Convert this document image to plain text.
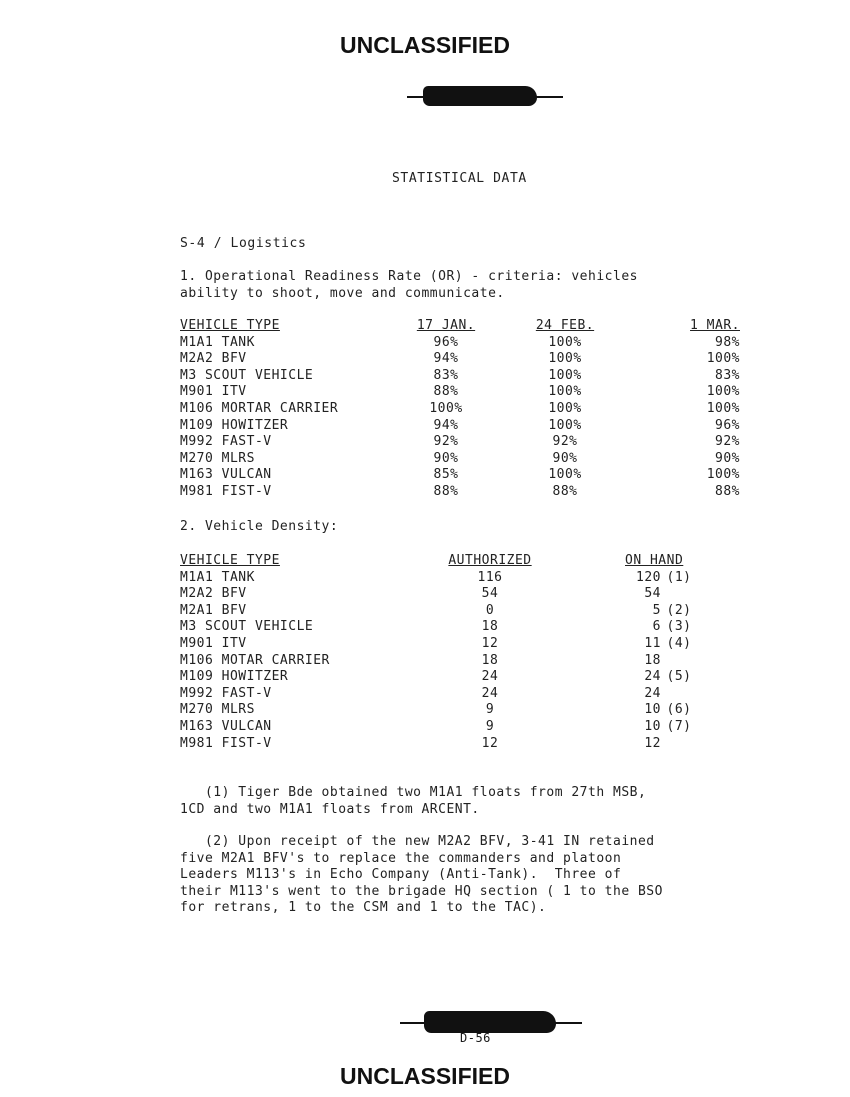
UNCLASSIFIED
STATISTICAL DATA
S-4 / Logistics
1. Operational Readiness Rate (OR) - criteria: vehicles
ability to shoot, move and communicate.
VEHICLE TYPE	17 JAN.	24 FEB.	1 MAR.
M1A1 TANK	96%	100%	98%
M2A2 BFV	94%	100%	100%
M3 SCOUT VEHICLE	83%	100%	83%
M901 ITV	88%	100%	100%
M106 MORTAR CARRIER	100%	100%	100%
M109 HOWITZER	94%	100%	96%
M992 FAST-V	92%	92%	92%
M270 MLRS	90%	90%	90%
M163 VULCAN	85%	100%	100%
M981 FIST-V	88%	88%	88%
2. Vehicle Density:
VEHICLE TYPE	AUTHORIZED	ON HAND
M1A1 TANK	116	120 (1)
M2A2 BFV	54	54
M2A1 BFV	0	5 (2)
M3 SCOUT VEHICLE	18	6 (3)
M901 ITV	12	11 (4)
M106 MOTAR CARRIER	18	18
M109 HOWITZER	24	24 (5)
M992 FAST-V	24	24
M270 MLRS	9	10 (6)
M163 VULCAN	9	10 (7)
M981 FIST-V	12	12
(1) Tiger Bde obtained two M1A1 floats from 27th MSB,
1CD and two M1A1 floats from ARCENT.
(2) Upon receipt of the new M2A2 BFV, 3-41 IN retained
five M2A1 BFV's to replace the commanders and platoon
Leaders M113's in Echo Company (Anti-Tank).  Three of
their M113's went to the brigade HQ section ( 1 to the BSO
for retrans, 1 to the CSM and 1 to the TAC).
D-56
UNCLASSIFIED
